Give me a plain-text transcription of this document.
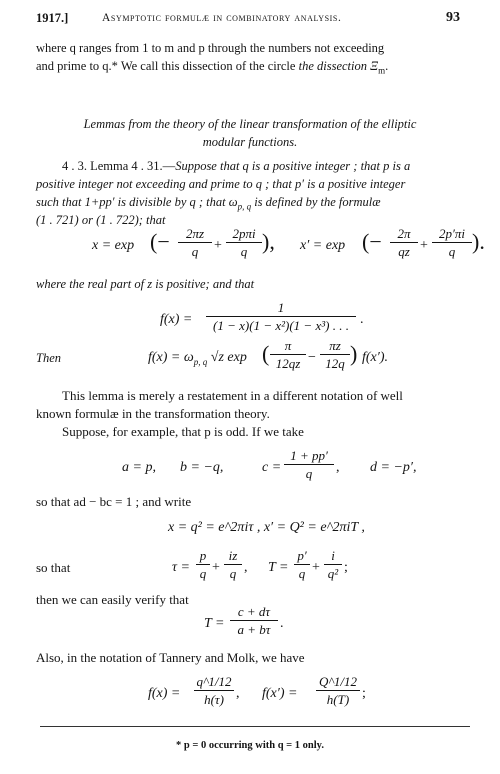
1917.]	Asymptotic formulæ in combinatory analysis.	93

where q ranges from 1 to m and p through the numbers not exceeding

and prime to q.* We call this dissection of the circle the dissection $\Xi_m$.

Lemmas from the theory of the linear transformation of the elliptic

modular functions.

4 . 3. Lemma 4 . 31.—Suppose that q is a positive integer ; that p is a

positive integer not exceeding and prime to q ; that p′ is a positive integer

such that 1+pp′ is divisible by q ; that $\omega_{p, q}$ is defined by the formulæ

(1 . 721) or (1 . 722); that

x = exp (−	2πz
q	+
2pπi
q ), x′ = exp (−	2π
qz +
2p′πi
q ).

where the real part of z is positive; and that

f(x) =

1
(1 − x)(1 − x²)(1 − x³) . . . .

Then	$f(x) = \omega_{p, q}$ √z exp (	π
12qz −
πz
12q ) f(x′).

This lemma is merely a restatement in a different notation of well

known formulæ in the transformation theory.

Suppose, for example, that p is odd. If we take

a = p, b = −q,	c =

1 + pp′
q	, d = −p′,

so that ad − bc = 1 ; and write

x = q² = e^2πiτ , x′ = Q² = e^2πiT ,

so that	τ =

p
q +
iz
q , T =

p′
q +
i
q² ;

then we can easily verify that

T =

c + dτ
a + bτ .

Also, in the notation of Tannery and Molk, we have

f(x) =

q^1/12
h(τ) , f(x′) =

Q^1/12
h(T) ;

* p = 0 occurring with q = 1 only.
